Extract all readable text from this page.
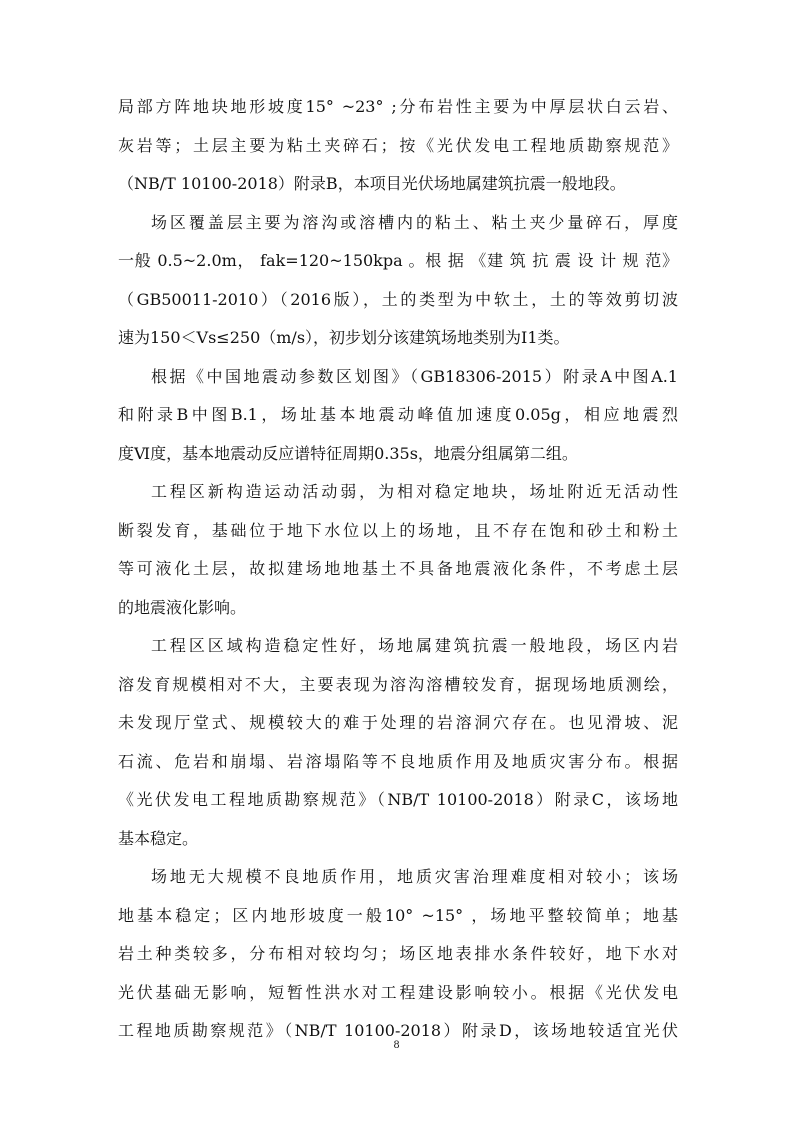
局部方阵地块地形坡度15° ~23° ;分布岩性主要为中厚层状白云岩、
灰岩等；土层主要为粘土夹碎石；按《光伏发电工程地质勘察规范》
（NB/T 10100-2018）附录B，本项目光伏场地属建筑抗震一般地段。
场区覆盖层主要为溶沟或溶槽内的粘土、粘土夹少量碎石，厚度
一般 0.5~2.0m， fak=120~150kpa 。根 据 《建 筑 抗 震 设 计 规 范》
（GB50011-2010）（2016版），土的类型为中软土，土的等效剪切波
速为150＜Vs≤250（m/s），初步划分该建筑场地类别为Ⅰ1类。
根据《中国地震动参数区划图》（GB18306-2015）附录A中图A.1
和附录B中图B.1，场址基本地震动峰值加速度0.05g，相应地震烈
度Ⅵ度，基本地震动反应谱特征周期0.35s，地震分组属第二组。
工程区新构造运动活动弱，为相对稳定地块，场址附近无活动性
断裂发育，基础位于地下水位以上的场地，且不存在饱和砂土和粉土
等可液化土层，故拟建场地地基土不具备地震液化条件，不考虑土层
的地震液化影响。
工程区区域构造稳定性好，场地属建筑抗震一般地段，场区内岩
溶发育规模相对不大，主要表现为溶沟溶槽较发育，据现场地质测绘，
未发现厅堂式、规模较大的难于处理的岩溶洞穴存在。也见滑坡、泥
石流、危岩和崩塌、岩溶塌陷等不良地质作用及地质灾害分布。根据
《光伏发电工程地质勘察规范》（NB/T 10100-2018）附录C，该场地
基本稳定。
场地无大规模不良地质作用，地质灾害治理难度相对较小；该场
地基本稳定；区内地形坡度一般10° ~15° ，场地平整较简单；地基
岩土种类较多，分布相对较均匀；场区地表排水条件较好，地下水对
光伏基础无影响，短暂性洪水对工程建设影响较小。根据《光伏发电
工程地质勘察规范》（NB/T 10100-2018）附录D，该场地较适宜光伏
8
